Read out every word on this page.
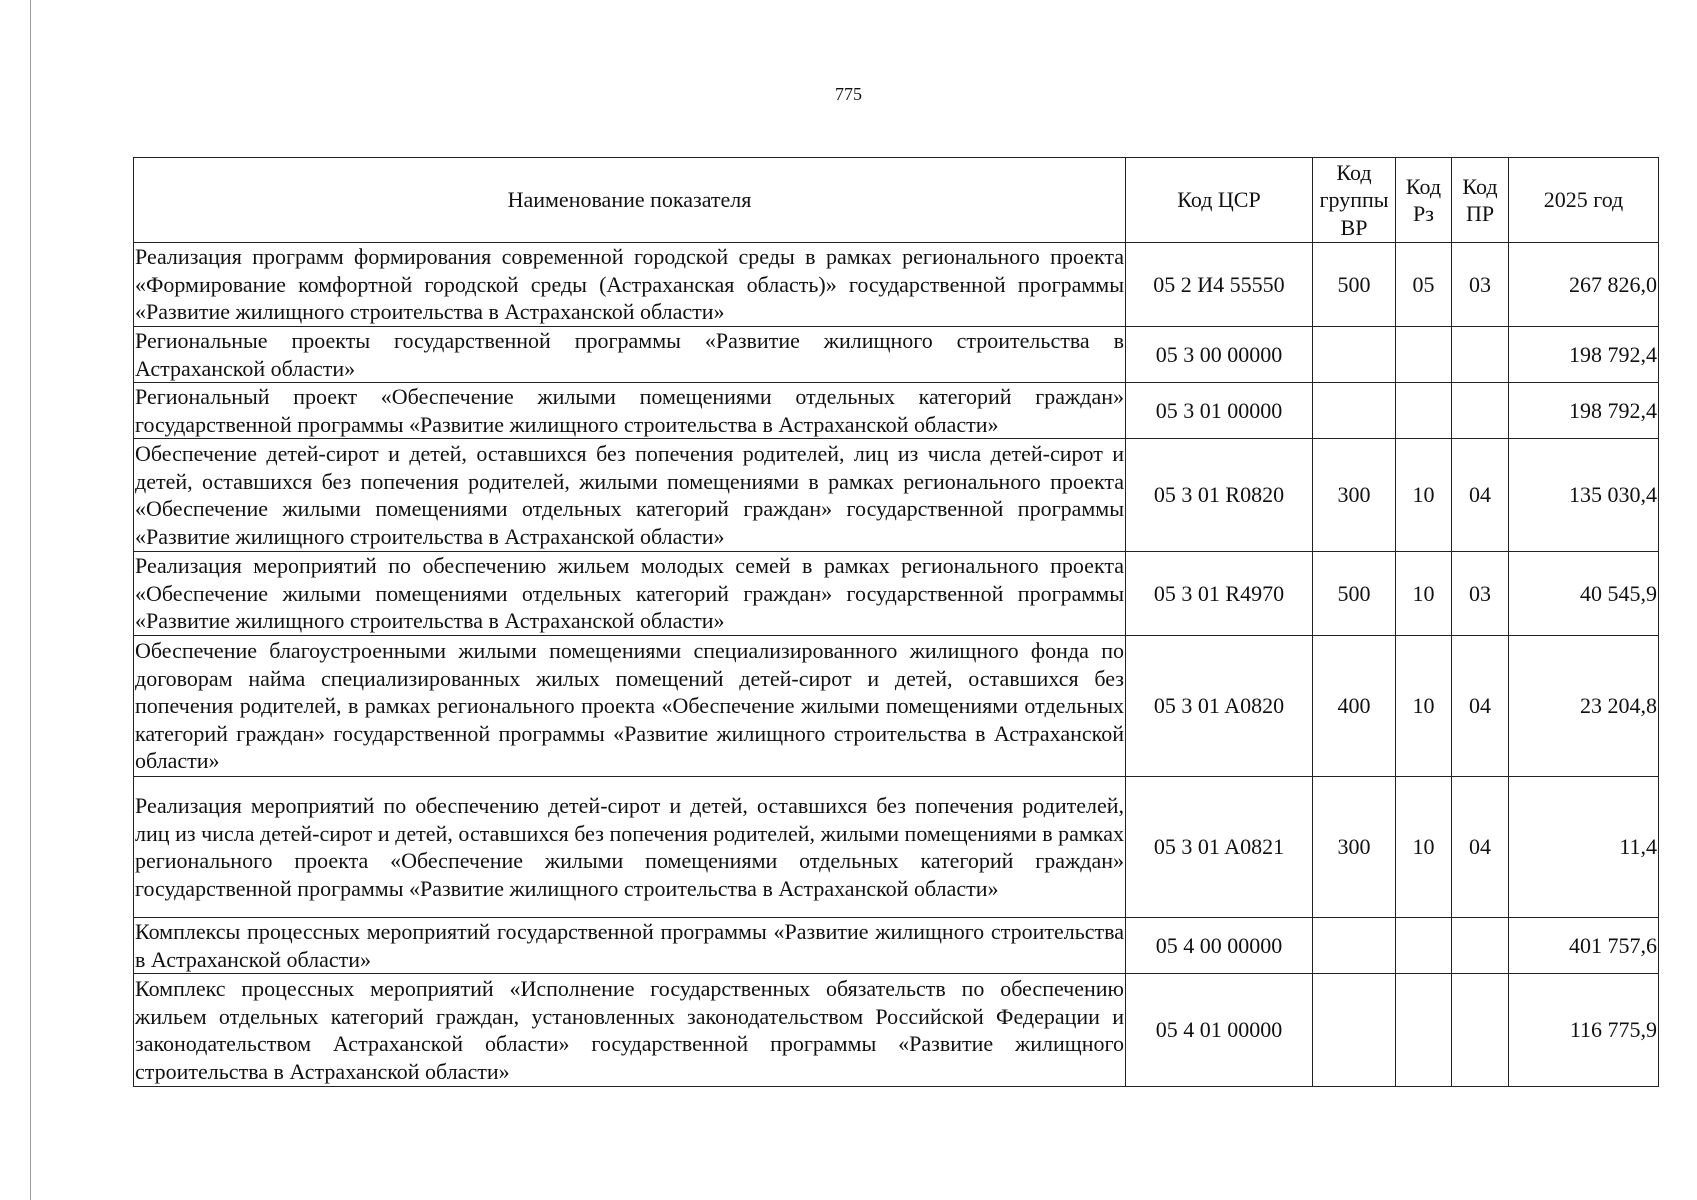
775
Наименование показателя	Код ЦСР	Код группы ВР	Код Рз	Код ПР	2025 год
Реализация программ формирования современной городской среды в рамках регионального проекта «Формирование комфортной городской среды (Астраханская область)» государственной программы «Развитие жилищного строительства в Астраханской области»	05 2 И4 55550	500	05	03	267 826,0
Региональные проекты государственной программы «Развитие жилищного строительства в Астраханской области»	05 3 00 00000				198 792,4
Региональный проект «Обеспечение жилыми помещениями отдельных категорий граждан» государственной программы «Развитие жилищного строительства в Астраханской области»	05 3 01 00000				198 792,4
Обеспечение детей-сирот и детей, оставшихся без попечения родителей, лиц из числа детей-сирот и детей, оставшихся без попечения родителей, жилыми помещениями в рамках регионального проекта «Обеспечение жилыми помещениями отдельных категорий граждан» государственной программы «Развитие жилищного строительства в Астраханской области»	05 3 01 R0820	300	10	04	135 030,4
Реализация мероприятий по обеспечению жильем молодых семей в рамках регионального проекта «Обеспечение жилыми помещениями отдельных категорий граждан» государственной программы «Развитие жилищного строительства в Астраханской области»	05 3 01 R4970	500	10	03	40 545,9
Обеспечение благоустроенными жилыми помещениями специализированного жилищного фонда по договорам найма специализированных жилых помещений детей-сирот и детей, оставшихся без попечения родителей, в рамках регионального проекта «Обеспечение жилыми помещениями отдельных категорий граждан» государственной программы «Развитие жилищного строительства в Астраханской области»	05 3 01 A0820	400	10	04	23 204,8
Реализация мероприятий по обеспечению детей-сирот и детей, оставшихся без попечения родителей, лиц из числа детей-сирот и детей, оставшихся без попечения родителей, жилыми помещениями в рамках регионального проекта «Обеспечение жилыми помещениями отдельных категорий граждан» государственной программы «Развитие жилищного строительства в Астраханской области»	05 3 01 A0821	300	10	04	11,4
Комплексы процессных мероприятий государственной программы «Развитие жилищного строительства в Астраханской области»	05 4 00 00000				401 757,6
Комплекс процессных мероприятий «Исполнение государственных обязательств по обеспечению жильем отдельных категорий граждан, установленных законодательством Российской Федерации и законодательством Астраханской области» государственной программы «Развитие жилищного строительства в Астраханской области»	05 4 01 00000				116 775,9
